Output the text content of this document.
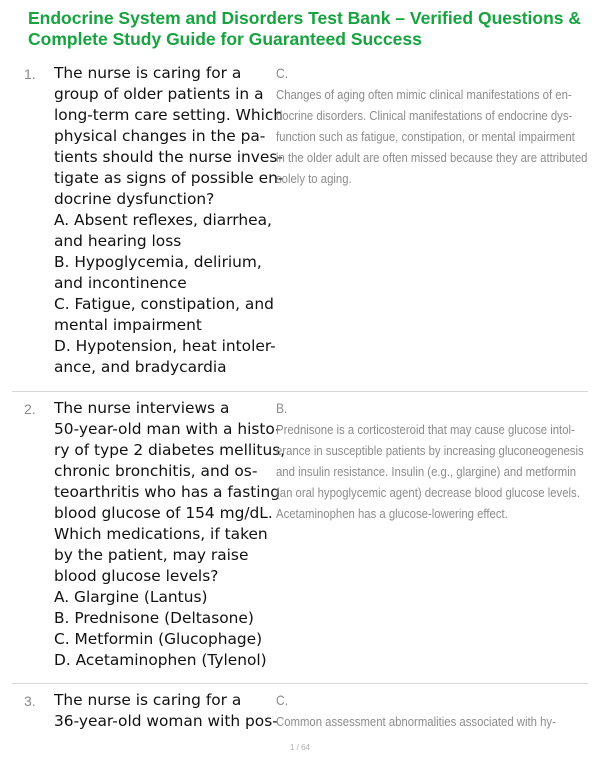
Endocrine System and Disorders Test Bank – Verified Questions &
Complete Study Guide for Guaranteed Success
1. The nurse is caring for a
group of older patients in a
long-term care setting. Which
physical changes in the pa-
tients should the nurse inves-
tigate as signs of possible en-
docrine dysfunction?
A. Absent reflexes, diarrhea,
and hearing loss
B. Hypoglycemia, delirium,
and incontinence
C. Fatigue, constipation, and
mental impairment
D. Hypotension, heat intoler-
ance, and bradycardia
C.
Changes of aging often mimic clinical manifestations of en-
docrine disorders. Clinical manifestations of endocrine dys-
function such as fatigue, constipation, or mental impairment
in the older adult are often missed because they are attributed
solely to aging.
2. The nurse interviews a
50-year-old man with a histo-
ry of type 2 diabetes mellitus,
chronic bronchitis, and os-
teoarthritis who has a fasting
blood glucose of 154 mg/dL.
Which medications, if taken
by the patient, may raise
blood glucose levels?
A. Glargine (Lantus)
B. Prednisone (Deltasone)
C. Metformin (Glucophage)
D. Acetaminophen (Tylenol)
B.
Prednisone is a corticosteroid that may cause glucose intol-
erance in susceptible patients by increasing gluconeogenesis
and insulin resistance. Insulin (e.g., glargine) and metformin
(an oral hypoglycemic agent) decrease blood glucose levels.
Acetaminophen has a glucose-lowering effect.
3. The nurse is caring for a
36-year-old woman with pos-
C.
Common assessment abnormalities associated with hy-
1 / 64
